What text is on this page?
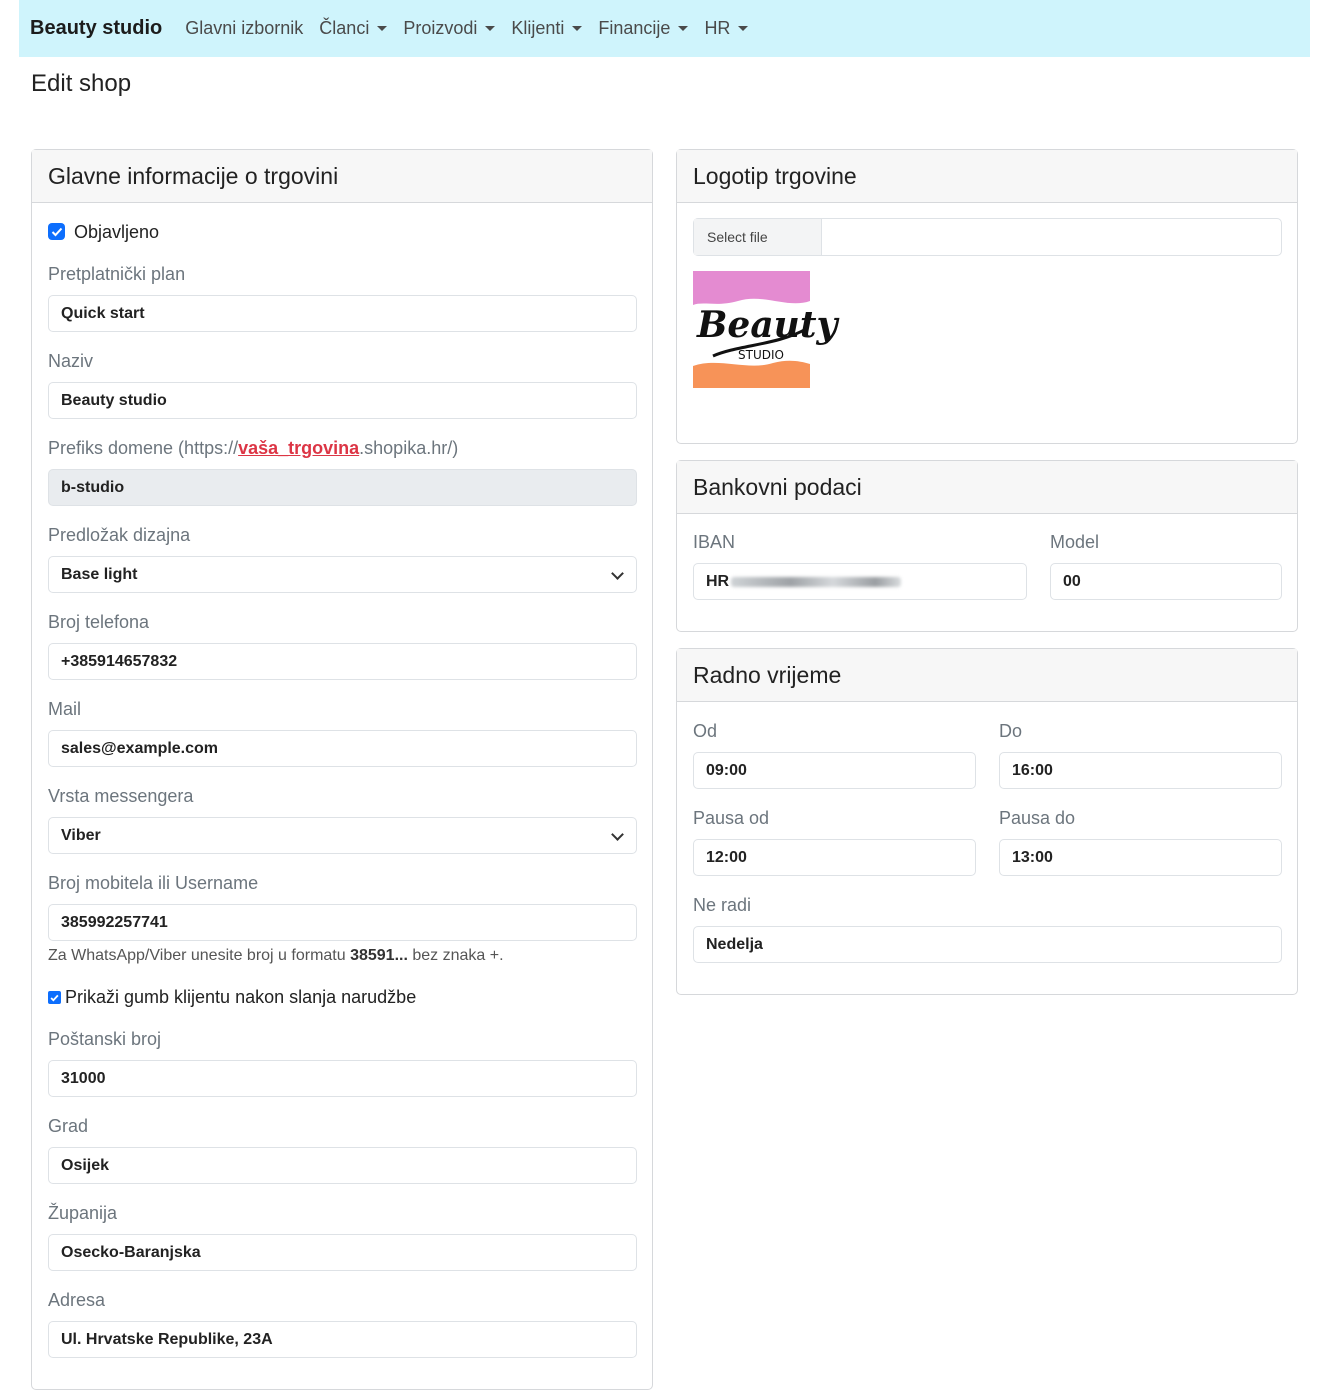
Beauty studio Glavni izbornik Članci Proizvodi Klijenti Financije HR
Edit shop
Glavne informacije o trgovini
Objavljeno
Pretplatnički plan
Quick start
Naziv
Beauty studio
Prefiks domene (https://vaša_trgovina.shopika.hr/)
b-studio
Predložak dizajna
Base light
Broj telefona
+385914657832
Mail
sales@example.com
Vrsta messengera
Viber
Broj mobitela ili Username
385992257741
Za WhatsApp/Viber unesite broj u formatu 38591... bez znaka +.
Prikaži gumb klijentu nakon slanja narudžbe
Poštanski broj
31000
Grad
Osijek
Županija
Osecko-Baranjska
Adresa
Ul. Hrvatske Republike, 23A
Logotip trgovine
Select file
Beauty
STUDIO
Bankovni podaci
IBAN
HR
Model
00
Radno vrijeme
Od
09:00
Do
16:00
Pausa od
12:00
Pausa do
13:00
Ne radi
Nedelja
